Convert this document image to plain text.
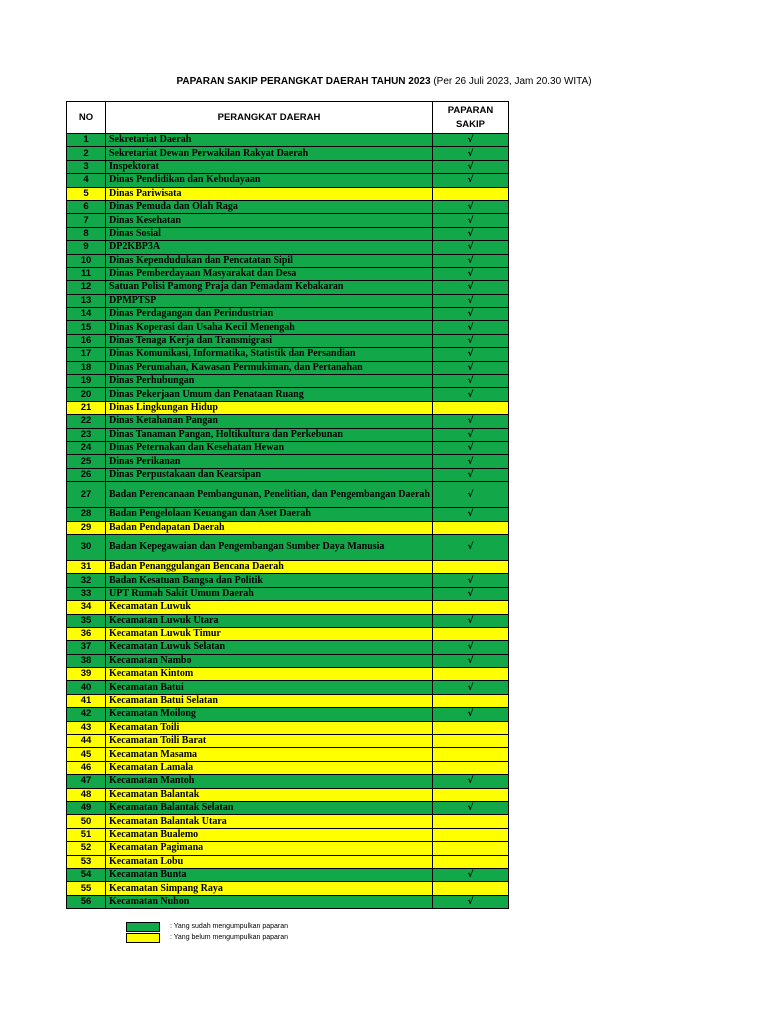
PAPARAN SAKIP PERANGKAT DAERAH TAHUN 2023 (Per 26 Juli 2023, Jam 20.30 WITA)
NO	PERANGKAT DAERAH	PAPARAN SAKIP
1	Sekretariat Daerah	√
2	Sekretariat Dewan Perwakilan Rakyat Daerah	√
3	Inspektorat	√
4	Dinas Pendidikan dan Kebudayaan	√
5	Dinas Pariwisata	
6	Dinas Pemuda dan Olah Raga	√
7	Dinas Kesehatan	√
8	Dinas Sosial	√
9	DP2KBP3A	√
10	Dinas Kependudukan dan Pencatatan Sipil	√
11	Dinas Pemberdayaan Masyarakat dan Desa	√
12	Satuan Polisi Pamong Praja dan Pemadam Kebakaran	√
13	DPMPTSP	√
14	Dinas Perdagangan dan Perindustrian	√
15	Dinas Koperasi dan Usaha Kecil Menengah	√
16	Dinas Tenaga Kerja dan Transmigrasi	√
17	Dinas Komunikasi, Informatika, Statistik dan Persandian	√
18	Dinas Perumahan, Kawasan Permukiman, dan Pertanahan	√
19	Dinas Perhubungan	√
20	Dinas Pekerjaan Umum dan Penataan Ruang	√
21	Dinas Lingkungan Hidup	
22	Dinas Ketahanan Pangan	√
23	Dinas Tanaman Pangan, Holtikultura dan Perkebunan	√
24	Dinas Peternakan dan Kesehatan Hewan	√
25	Dinas Perikanan	√
26	Dinas Perpustakaan dan Kearsipan	√
27	Badan Perencanaan Pembangunan, Penelitian, dan Pengembangan Daerah	√
28	Badan Pengelolaan Keuangan dan Aset Daerah	√
29	Badan Pendapatan Daerah	
30	Badan Kepegawaian dan Pengembangan Sumber Daya Manusia	√
31	Badan Penanggulangan Bencana Daerah	
32	Badan Kesatuan Bangsa dan Politik	√
33	UPT Rumah Sakit Umum Daerah	√
34	Kecamatan Luwuk	
35	Kecamatan Luwuk Utara	√
36	Kecamatan Luwuk Timur	
37	Kecamatan Luwuk Selatan	√
38	Kecamatan Nambo	√
39	Kecamatan Kintom	
40	Kecamatan Batui	√
41	Kecamatan Batui Selatan	
42	Kecamatan Moilong	√
43	Kecamatan Toili	
44	Kecamatan Toili Barat	
45	Kecamatan Masama	
46	Kecamatan Lamala	
47	Kecamatan Mantoh	√
48	Kecamatan Balantak	
49	Kecamatan Balantak Selatan	√
50	Kecamatan Balantak Utara	
51	Kecamatan Bualemo	
52	Kecamatan Pagimana	
53	Kecamatan Lobu	
54	Kecamatan Bunta	√
55	Kecamatan Simpang Raya	
56	Kecamatan Nuhon	√
: Yang sudah mengumpulkan paparan
: Yang belum mengumpulkan paparan
